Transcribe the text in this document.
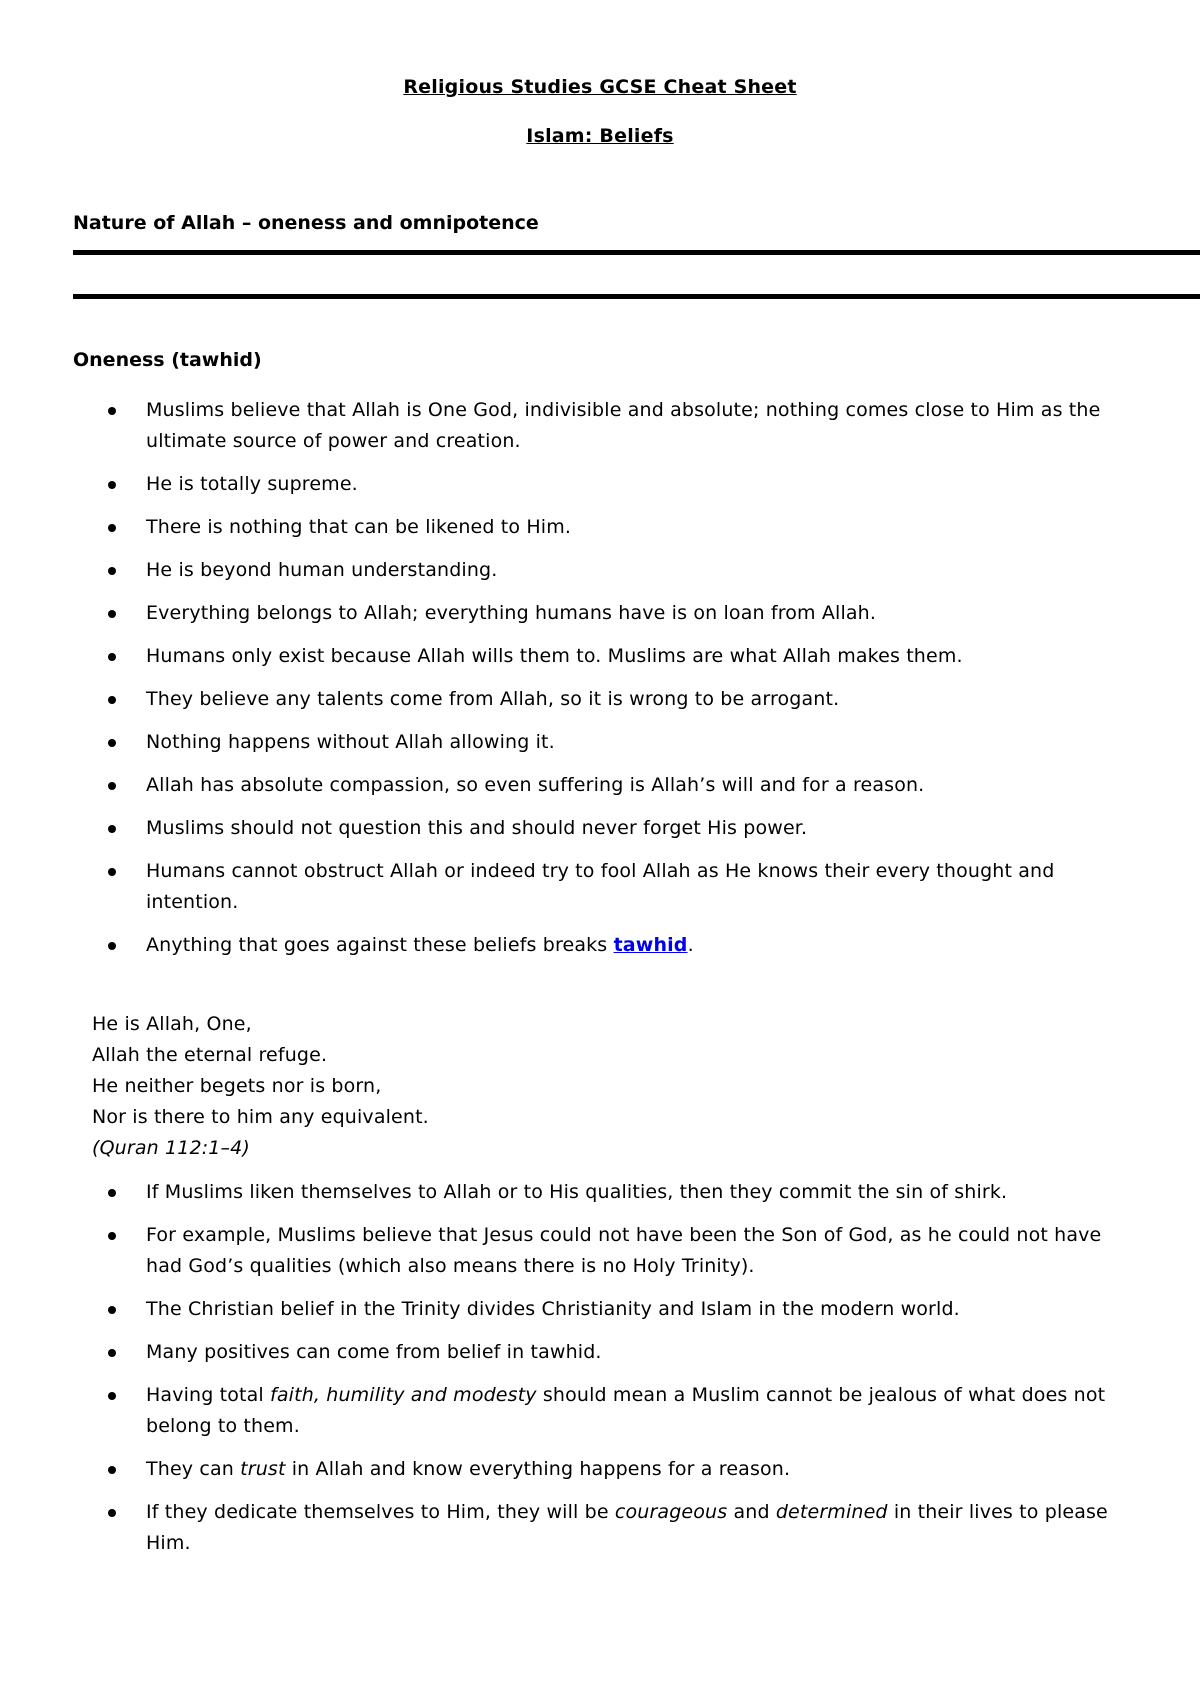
Religious Studies GCSE Cheat Sheet
Islam: Beliefs
Nature of Allah – oneness and omnipotence
Oneness (tawhid)
Muslims believe that Allah is One God, indivisible and absolute; nothing comes close to Him as the ultimate source of power and creation.
He is totally supreme.
There is nothing that can be likened to Him.
He is beyond human understanding.
Everything belongs to Allah; everything humans have is on loan from Allah.
Humans only exist because Allah wills them to. Muslims are what Allah makes them.
They believe any talents come from Allah, so it is wrong to be arrogant.
Nothing happens without Allah allowing it.
Allah has absolute compassion, so even suffering is Allah’s will and for a reason.
Muslims should not question this and should never forget His power.
Humans cannot obstruct Allah or indeed try to fool Allah as He knows their every thought and intention.
Anything that goes against these beliefs breaks tawhid.
He is Allah, One,
Allah the eternal refuge.
He neither begets nor is born,
Nor is there to him any equivalent.
(Quran 112:1–4)
If Muslims liken themselves to Allah or to His qualities, then they commit the sin of shirk.
For example, Muslims believe that Jesus could not have been the Son of God, as he could not have had God’s qualities (which also means there is no Holy Trinity).
The Christian belief in the Trinity divides Christianity and Islam in the modern world.
Many positives can come from belief in tawhid.
Having total faith, humility and modesty should mean a Muslim cannot be jealous of what does not belong to them.
They can trust in Allah and know everything happens for a reason.
If they dedicate themselves to Him, they will be courageous and determined in their lives to please Him.
